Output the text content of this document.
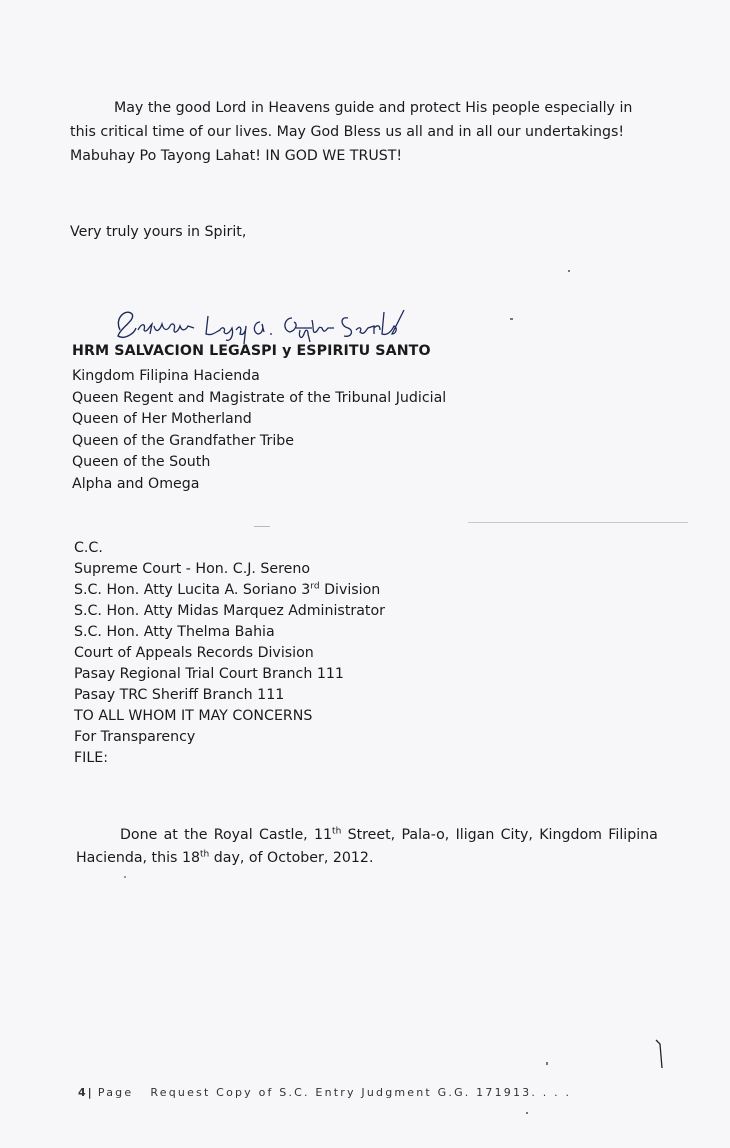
May the good Lord in Heavens guide and protect His people especially in
this critical time of our lives. May God Bless us all and in all our undertakings!
Mabuhay Po Tayong Lahat! IN GOD WE TRUST!
Very truly yours in Spirit,
HRM SALVACION LEGASPI y ESPIRITU SANTO
Kingdom Filipina Hacienda
Queen Regent and Magistrate of the Tribunal Judicial
Queen of Her Motherland
Queen of the Grandfather Tribe
Queen of the South
Alpha and Omega
C.C.
Supreme Court - Hon. C.J. Sereno
S.C. Hon. Atty Lucita A. Soriano 3rd Division
S.C. Hon. Atty Midas Marquez Administrator
S.C. Hon. Atty Thelma Bahia
Court of Appeals Records Division
Pasay Regional Trial Court Branch 111
Pasay TRC Sheriff Branch 111
TO ALL WHOM IT MAY CONCERNS
For Transparency
FILE:
Done at the Royal Castle, 11th Street, Pala-o, Iligan City, Kingdom Filipina
Hacienda, this 18th day, of October, 2012.
4 | Page Request Copy of S.C. Entry Judgment G.G. 171913. . . .
